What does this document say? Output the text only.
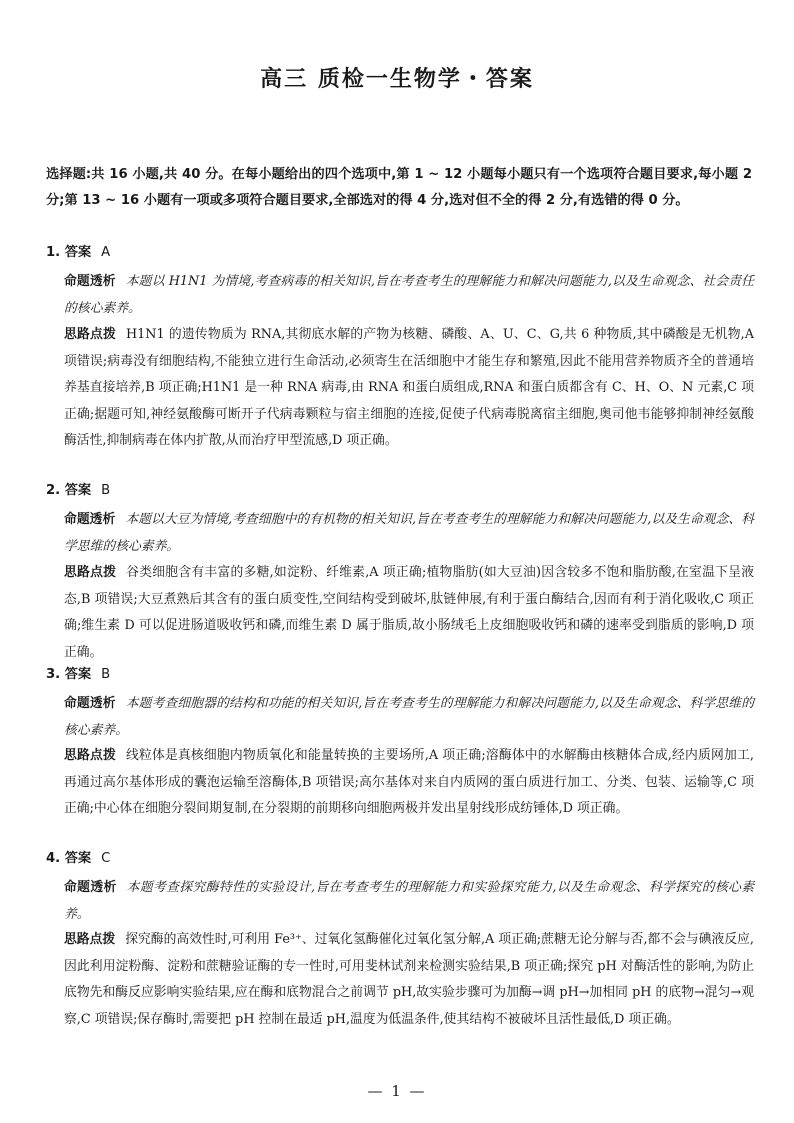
高三 质检一生物学・答案
选择题:共 16 小题,共 40 分。在每小题给出的四个选项中,第 1 ~ 12 小题每小题只有一个选项符合题目要求,每小题 2 分;第 13 ~ 16 小题有一项或多项符合题目要求,全部选对的得 4 分,选对但不全的得 2 分,有选错的得 0 分。
1. 答案 A
命题透析 本题以 H1N1 为情境,考查病毒的相关知识,旨在考查考生的理解能力和解决问题能力,以及生命观念、社会责任的核心素养。
思路点拨 H1N1 的遗传物质为 RNA,其彻底水解的产物为核糖、磷酸、A、U、C、G,共 6 种物质,其中磷酸是无机物,A 项错误;病毒没有细胞结构,不能独立进行生命活动,必须寄生在活细胞中才能生存和繁殖,因此不能用营养物质齐全的普通培养基直接培养,B 项正确;H1N1 是一种 RNA 病毒,由 RNA 和蛋白质组成,RNA 和蛋白质都含有 C、H、O、N 元素,C 项正确;据题可知,神经氨酸酶可断开子代病毒颗粒与宿主细胞的连接,促使子代病毒脱离宿主细胞,奥司他韦能够抑制神经氨酸酶活性,抑制病毒在体内扩散,从而治疗甲型流感,D 项正确。
2. 答案 B
命题透析 本题以大豆为情境,考查细胞中的有机物的相关知识,旨在考查考生的理解能力和解决问题能力,以及生命观念、科学思维的核心素养。
思路点拨 谷类细胞含有丰富的多糖,如淀粉、纤维素,A 项正确;植物脂肪(如大豆油)因含较多不饱和脂肪酸,在室温下呈液态,B 项错误;大豆煮熟后其含有的蛋白质变性,空间结构受到破坏,肽链伸展,有利于蛋白酶结合,因而有利于消化吸收,C 项正确;维生素 D 可以促进肠道吸收钙和磷,而维生素 D 属于脂质,故小肠绒毛上皮细胞吸收钙和磷的速率受到脂质的影响,D 项正确。
3. 答案 B
命题透析 本题考查细胞器的结构和功能的相关知识,旨在考查考生的理解能力和解决问题能力,以及生命观念、科学思维的核心素养。
思路点拨 线粒体是真核细胞内物质氧化和能量转换的主要场所,A 项正确;溶酶体中的水解酶由核糖体合成,经内质网加工,再通过高尔基体形成的囊泡运输至溶酶体,B 项错误;高尔基体对来自内质网的蛋白质进行加工、分类、包装、运输等,C 项正确;中心体在细胞分裂间期复制,在分裂期的前期移向细胞两极并发出星射线形成纺锤体,D 项正确。
4. 答案 C
命题透析 本题考查探究酶特性的实验设计,旨在考查考生的理解能力和实验探究能力,以及生命观念、科学探究的核心素养。
思路点拨 探究酶的高效性时,可利用 Fe³⁺、过氧化氢酶催化过氧化氢分解,A 项正确;蔗糖无论分解与否,都不会与碘液反应,因此利用淀粉酶、淀粉和蔗糖验证酶的专一性时,可用斐林试剂来检测实验结果,B 项正确;探究 pH 对酶活性的影响,为防止底物先和酶反应影响实验结果,应在酶和底物混合之前调节 pH,故实验步骤可为加酶→调 pH→加相同 pH 的底物→混匀→观察,C 项错误;保存酶时,需要把 pH 控制在最适 pH,温度为低温条件,使其结构不被破坏且活性最低,D 项正确。
— 1 —
